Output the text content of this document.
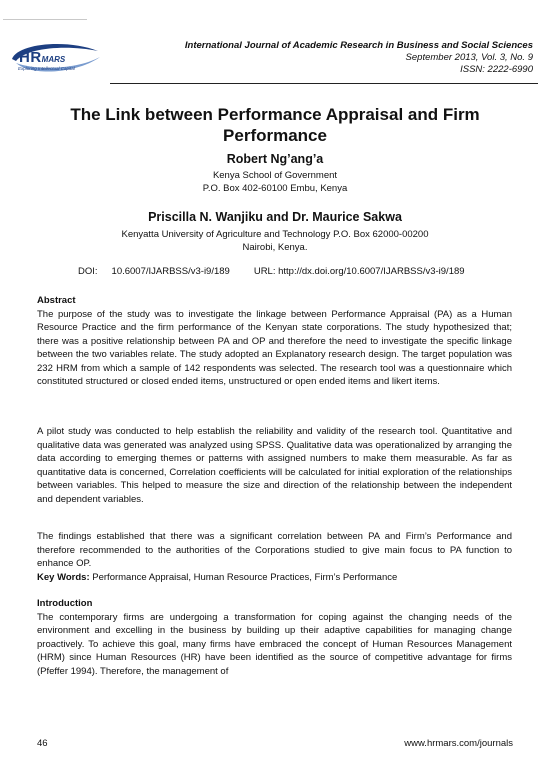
HRMARS
Exploring Intellectual Capital
International Journal of Academic Research in Business and Social Sciences
September 2013, Vol. 3, No. 9
ISSN: 2222-6990
The Link between Performance Appraisal and Firm Performance
Robert Ng’ang’a
Kenya School of Government
P.O. Box 402-60100 Embu, Kenya
Priscilla N. Wanjiku and Dr. Maurice Sakwa
Kenyatta University of Agriculture and Technology P.O. Box 62000-00200
Nairobi, Kenya.
DOI: 10.6007/IJARBSS/v3-i9/189	URL: http://dx.doi.org/10.6007/IJARBSS/v3-i9/189
Abstract

The purpose of the study was to investigate the linkage between Performance Appraisal (PA) as a Human Resource Practice and the firm performance of the Kenyan state corporations. The study hypothesized that; there was a positive relationship between PA and OP and therefore the need to investigate the specific linkage between the two variables relate. The study adopted an Explanatory research design. The target population was 232 HRM from which a sample of 142 respondents was selected. The research tool was a questionnaire which constituted structured or closed ended items, unstructured or open ended items and likert items.

A pilot study was conducted to help establish the reliability and validity of the research tool. Quantitative and qualitative data was generated was analyzed using SPSS. Qualitative data was operationalized by arranging the data according to emerging themes or patterns with assigned numbers to make them measurable. As far as quantitative data is concerned, Correlation coefficients will be calculated for initial exploration of the relationships between variables. This helped to measure the size and direction of the relationship between the independent and dependent variables.

The findings established that there was a significant correlation between PA and Firm’s Performance and therefore recommended to the authorities of the Corporations studied to give main focus to PA function to enhance OP.

Key Words: Performance Appraisal, Human Resource Practices, Firm’s Performance

Introduction

The contemporary firms are undergoing a transformation for coping against the changing needs of the environment and excelling in the business by building up their adaptive capabilities for managing change proactively. To achieve this goal, many firms have embraced the concept of Human Resources Management (HRM) since Human Resources (HR) have been identified as the source of competitive advantage for firms (Pfeffer 1994). Therefore, the management of

46	www.hrmars.com/journals
